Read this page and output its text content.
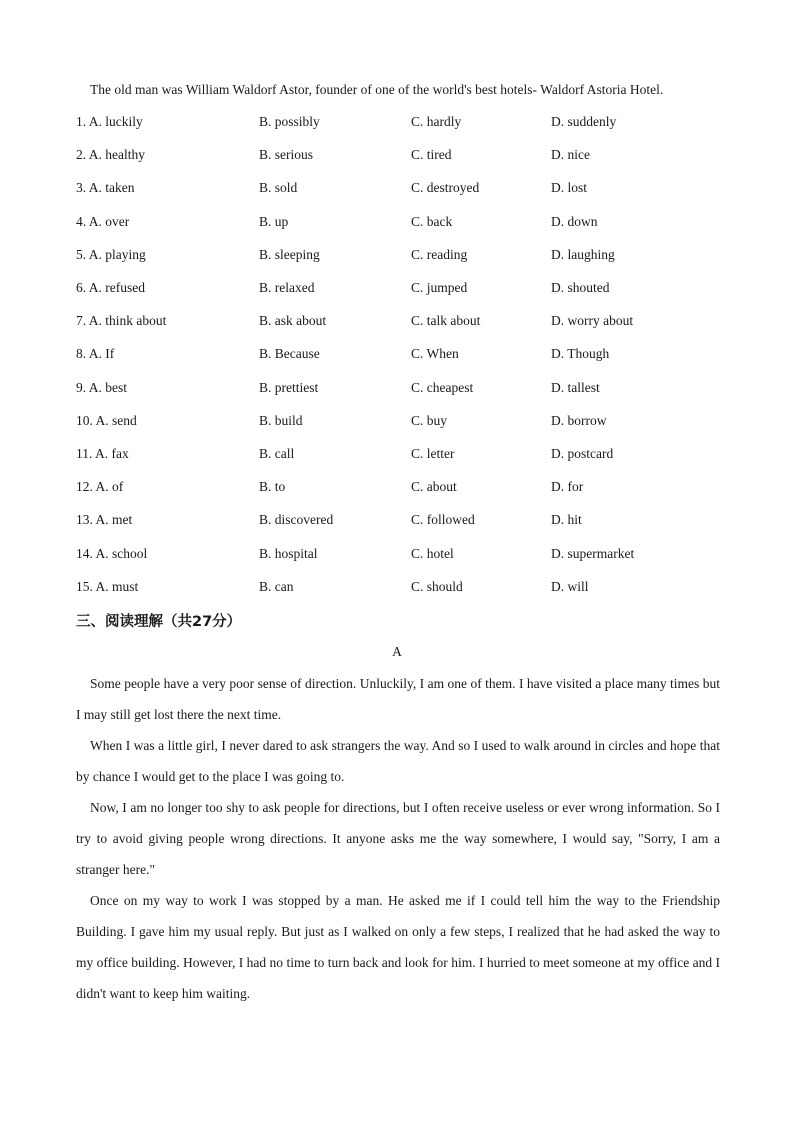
The old man was William Waldorf Astor, founder of one of the world's best hotels- Waldorf Astoria Hotel.
1. A. luckily	B. possibly	C. hardly	D. suddenly
2. A. healthy	B. serious	C. tired	D. nice
3. A. taken	B. sold	C. destroyed	D. lost
4. A. over	B. up	C. back	D. down
5. A. playing	B. sleeping	C. reading	D. laughing
6. A. refused	B. relaxed	C. jumped	D. shouted
7. A. think about	B. ask about	C. talk about	D. worry about
8. A. If	B. Because	C. When	D. Though
9. A. best	B. prettiest	C. cheapest	D. tallest
10. A. send	B. build	C. buy	D. borrow
11. A. fax	B. call	C. letter	D. postcard
12. A. of	B. to	C. about	D. for
13. A. met	B. discovered	C. followed	D. hit
14. A. school	B. hospital	C. hotel	D. supermarket
15. A. must	B. can	C. should	D. will
三、阅读理解（共27分）
A

Some people have a very poor sense of direction. Unluckily, I am one of them. I have visited a place many times but I may still get lost there the next time.

When I was a little girl, I never dared to ask strangers the way. And so I used to walk around in circles and hope that by chance I would get to the place I was going to.

Now, I am no longer too shy to ask people for directions, but I often receive useless or ever wrong information. So I try to avoid giving people wrong directions. It anyone asks me the way somewhere, I would say, "Sorry, I am a stranger here."

Once on my way to work I was stopped by a man. He asked me if I could tell him the way to the Friendship Building. I gave him my usual reply. But just as I walked on only a few steps, I realized that he had asked the way to my office building. However, I had no time to turn back and look for him. I hurried to meet someone at my office and I didn't want to keep him waiting.
